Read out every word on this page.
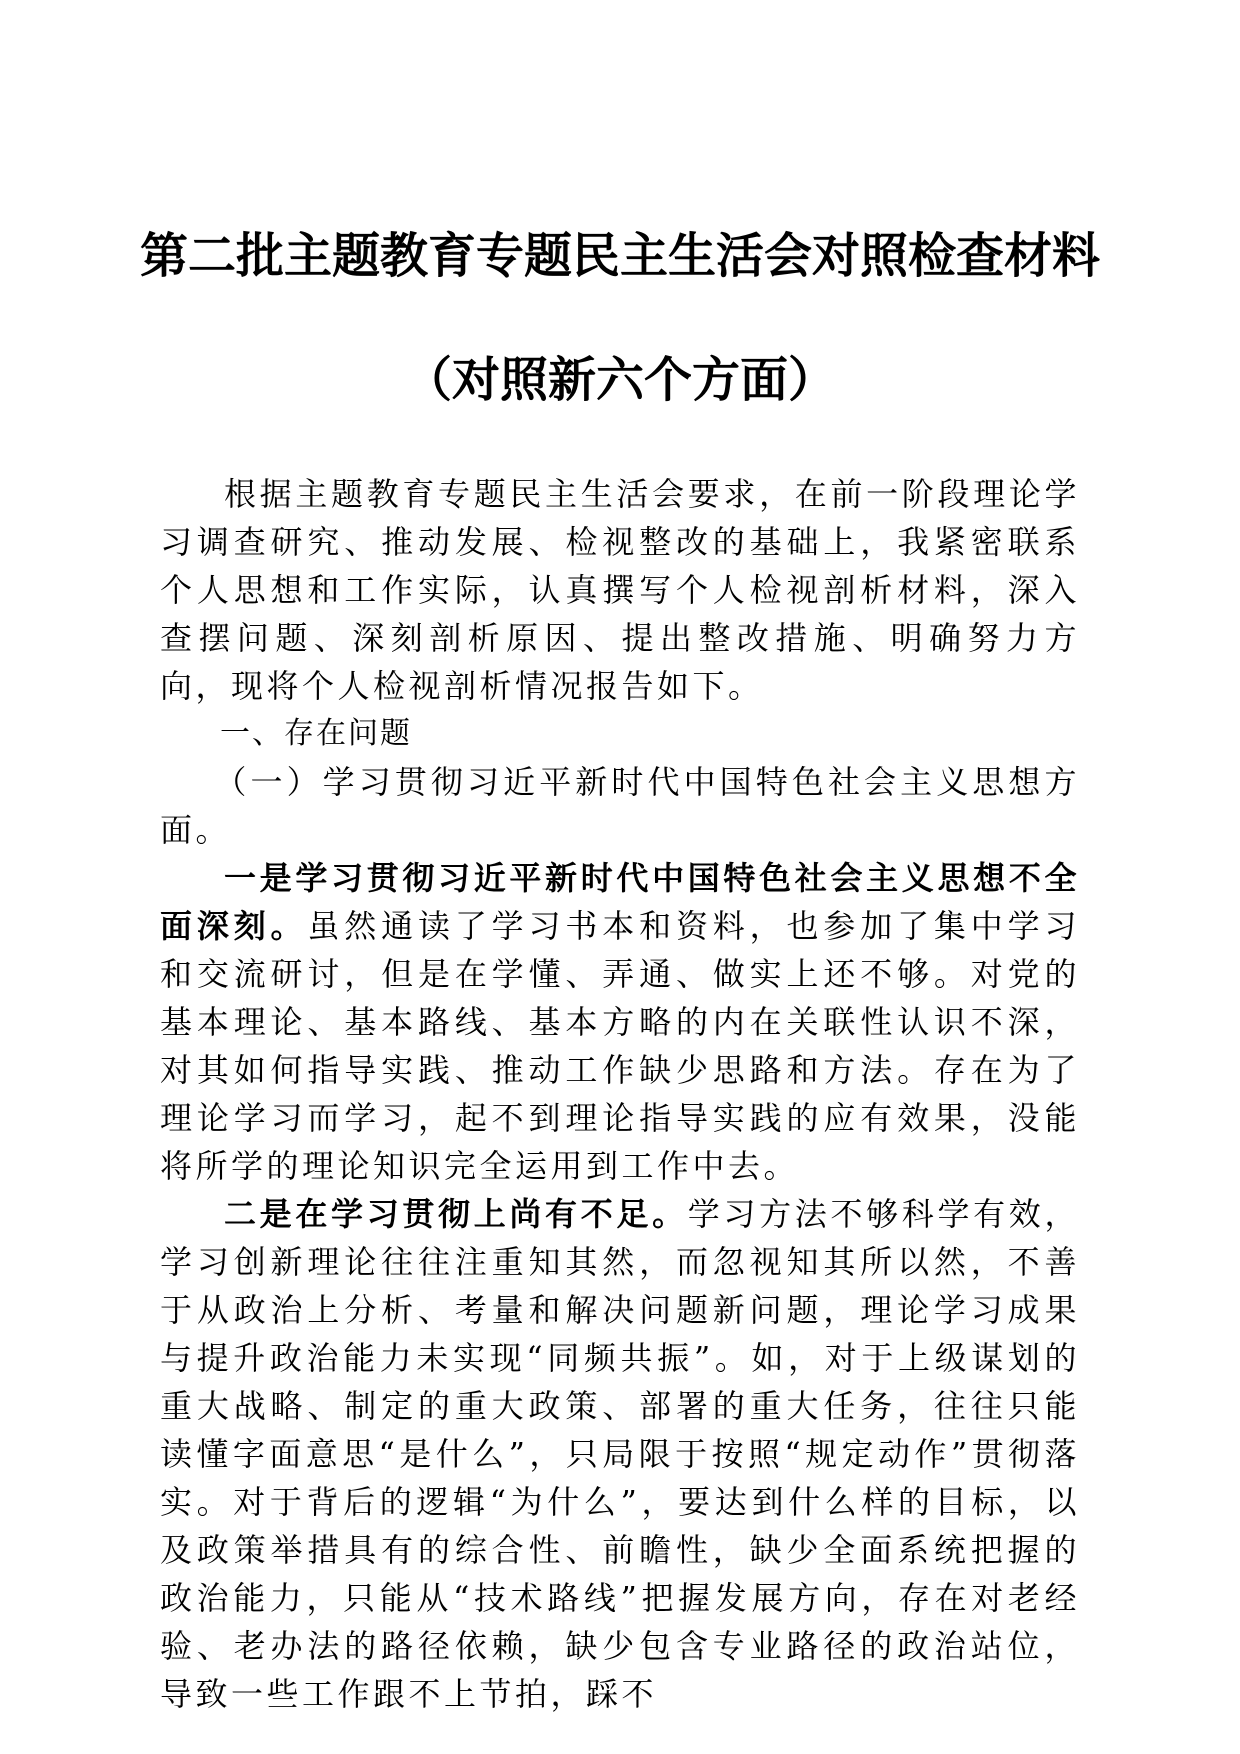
第二批主题教育专题民主生活会对照检查材料
（对照新六个方面）

根据主题教育专题民主生活会要求，在前一阶段理论学习调查研究、推动发展、检视整改的基础上，我紧密联系个人思想和工作实际，认真撰写个人检视剖析材料，深入查摆问题、深刻剖析原因、提出整改措施、明确努力方向，现将个人检视剖析情况报告如下。

一、存在问题

（一）学习贯彻习近平新时代中国特色社会主义思想方面。

一是学习贯彻习近平新时代中国特色社会主义思想不全面深刻。虽然通读了学习书本和资料，也参加了集中学习和交流研讨，但是在学懂、弄通、做实上还不够。对党的基本理论、基本路线、基本方略的内在关联性认识不深，对其如何指导实践、推动工作缺少思路和方法。存在为了理论学习而学习，起不到理论指导实践的应有效果，没能将所学的理论知识完全运用到工作中去。

二是在学习贯彻上尚有不足。学习方法不够科学有效，学习创新理论往往注重知其然，而忽视知其所以然，不善于从政治上分析、考量和解决问题新问题，理论学习成果与提升政治能力未实现“同频共振”。如，对于上级谋划的重大战略、制定的重大政策、部署的重大任务，往往只能读懂字面意思“是什么”，只局限于按照“规定动作”贯彻落实。对于背后的逻辑“为什么”，要达到什么样的目标，以及政策举措具有的综合性、前瞻性，缺少全面系统把握的政治能力，只能从“技术路线”把握发展方向，存在对老经验、老办法的路径依赖，缺少包含专业路径的政治站位，导致一些工作跟不上节拍，踩不
